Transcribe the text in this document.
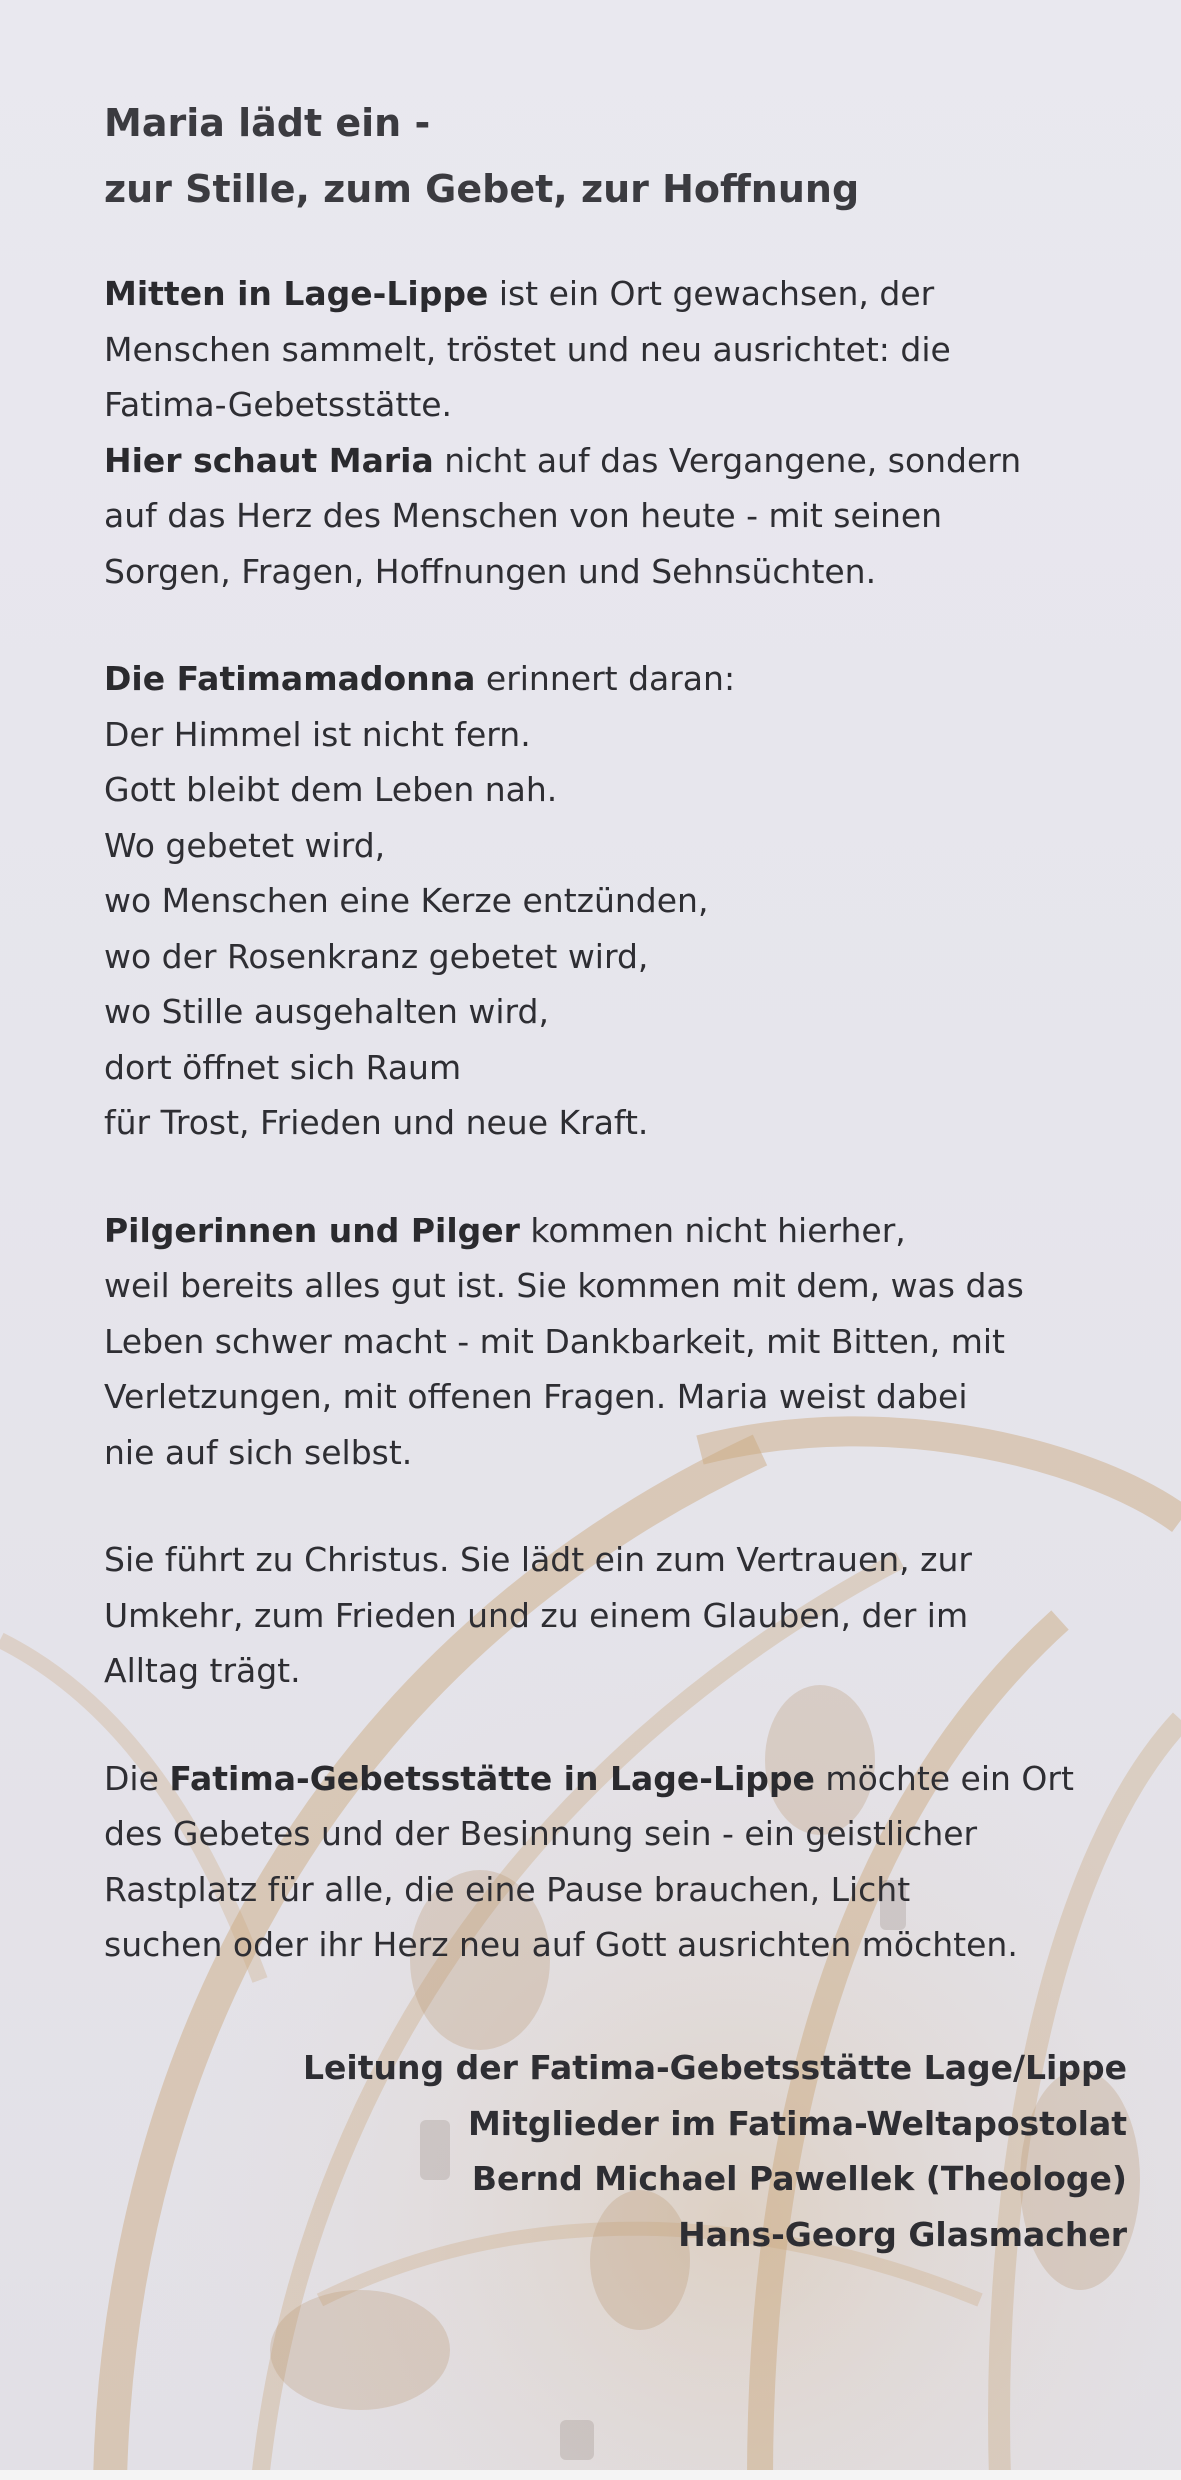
Maria lädt ein -
zur Stille, zum Gebet, zur Hoffnung
Mitten in Lage-Lippe ist ein Ort gewachsen, der
Menschen sammelt, tröstet und neu ausrichtet: die
Fatima-Gebetsstätte.
Hier schaut Maria nicht auf das Vergangene, sondern
auf das Herz des Menschen von heute - mit seinen
Sorgen, Fragen, Hoffnungen und Sehnsüchten.
Die Fatimamadonna erinnert daran:
Der Himmel ist nicht fern.
Gott bleibt dem Leben nah.
Wo gebetet wird,
wo Menschen eine Kerze entzünden,
wo der Rosenkranz gebetet wird,
wo Stille ausgehalten wird,
dort öffnet sich Raum
für Trost, Frieden und neue Kraft.
Pilgerinnen und Pilger kommen nicht hierher,
weil bereits alles gut ist. Sie kommen mit dem, was das
Leben schwer macht - mit Dankbarkeit, mit Bitten, mit
Verletzungen, mit offenen Fragen. Maria weist dabei
nie auf sich selbst.
Sie führt zu Christus. Sie lädt ein zum Vertrauen, zur
Umkehr, zum Frieden und zu einem Glauben, der im
Alltag trägt.
Die Fatima-Gebetsstätte in Lage-Lippe möchte ein Ort
des Gebetes und der Besinnung sein - ein geistlicher
Rastplatz für alle, die eine Pause brauchen, Licht
suchen oder ihr Herz neu auf Gott ausrichten möchten.
Leitung der Fatima-Gebetsstätte Lage/Lippe
Mitglieder im Fatima-Weltapostolat
Bernd Michael Pawellek (Theologe)
Hans-Georg Glasmacher
